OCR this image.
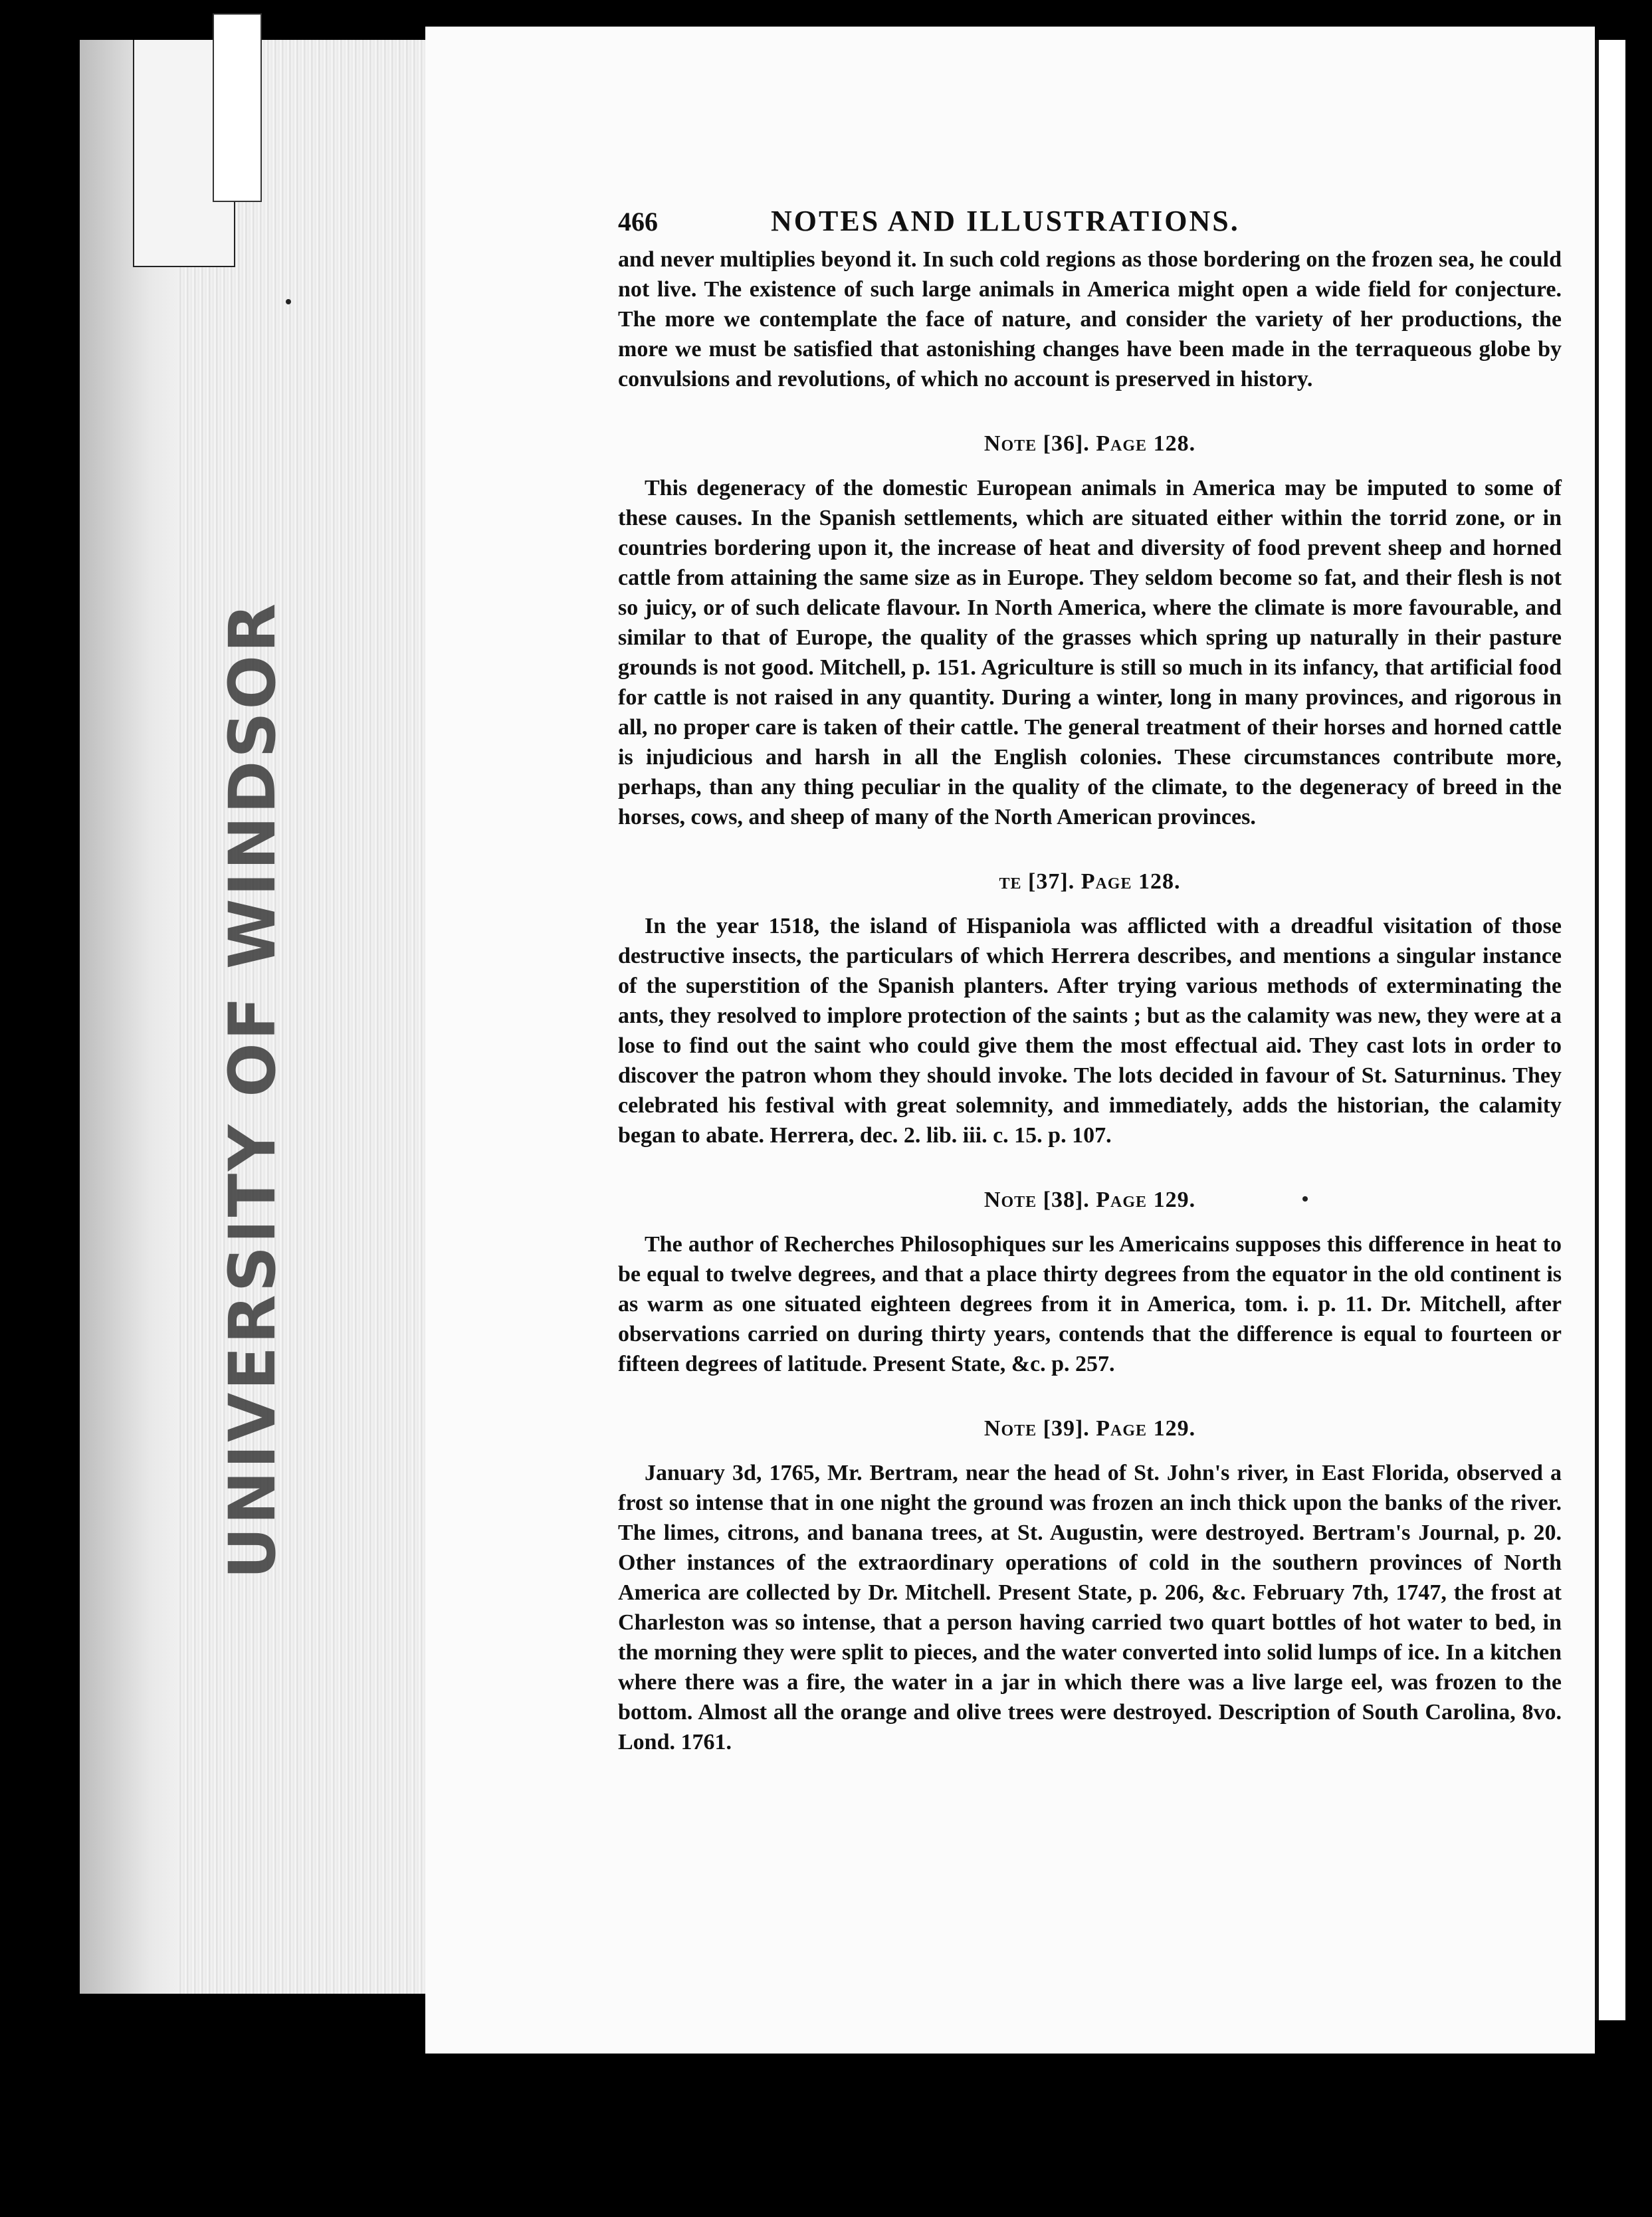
UNIVERSITY OF WINDSOR
466	NOTES AND ILLUSTRATIONS.

and never multiplies beyond it. In such cold regions as those bordering on the frozen sea, he could not live. The existence of such large animals in America might open a wide field for conjecture. The more we contemplate the face of nature, and consider the variety of her productions, the more we must be satisfied that astonishing changes have been made in the terraqueous globe by convulsions and revolutions, of which no account is preserved in history.

Note [36]. Page 128.

This degeneracy of the domestic European animals in America may be imputed to some of these causes. In the Spanish settlements, which are situated either within the torrid zone, or in countries bordering upon it, the increase of heat and diversity of food prevent sheep and horned cattle from attaining the same size as in Europe. They seldom become so fat, and their flesh is not so juicy, or of such delicate flavour. In North America, where the climate is more favourable, and similar to that of Europe, the quality of the grasses which spring up naturally in their pasture grounds is not good. Mitchell, p. 151. Agriculture is still so much in its infancy, that artificial food for cattle is not raised in any quantity. During a winter, long in many provinces, and rigorous in all, no proper care is taken of their cattle. The general treatment of their horses and horned cattle is injudicious and harsh in all the English colonies. These circumstances contribute more, perhaps, than any thing peculiar in the quality of the climate, to the degeneracy of breed in the horses, cows, and sheep of many of the North American provinces.

te [37]. Page 128.

In the year 1518, the island of Hispaniola was afflicted with a dreadful visitation of those destructive insects, the particulars of which Herrera describes, and mentions a singular instance of the superstition of the Spanish planters. After trying various methods of exterminating the ants, they resolved to implore protection of the saints ; but as the calamity was new, they were at a lose to find out the saint who could give them the most effectual aid. They cast lots in order to discover the patron whom they should invoke. The lots decided in favour of St. Saturninus. They celebrated his festival with great solemnity, and immediately, adds the historian, the calamity began to abate. Herrera, dec. 2. lib. iii. c. 15. p. 107.

Note [38]. Page 129.

The author of Recherches Philosophiques sur les Americains supposes this difference in heat to be equal to twelve degrees, and that a place thirty degrees from the equator in the old continent is as warm as one situated eighteen degrees from it in America, tom. i. p. 11. Dr. Mitchell, after observations carried on during thirty years, contends that the difference is equal to fourteen or fifteen degrees of latitude. Present State, &c. p. 257.

Note [39]. Page 129.

January 3d, 1765, Mr. Bertram, near the head of St. John's river, in East Florida, observed a frost so intense that in one night the ground was frozen an inch thick upon the banks of the river. The limes, citrons, and banana trees, at St. Augustin, were destroyed. Bertram's Journal, p. 20. Other instances of the extraordinary operations of cold in the southern provinces of North America are collected by Dr. Mitchell. Present State, p. 206, &c. February 7th, 1747, the frost at Charleston was so intense, that a person having carried two quart bottles of hot water to bed, in the morning they were split to pieces, and the water converted into solid lumps of ice. In a kitchen where there was a fire, the water in a jar in which there was a live large eel, was frozen to the bottom. Almost all the orange and olive trees were destroyed. Description of South Carolina, 8vo. Lond. 1761.
